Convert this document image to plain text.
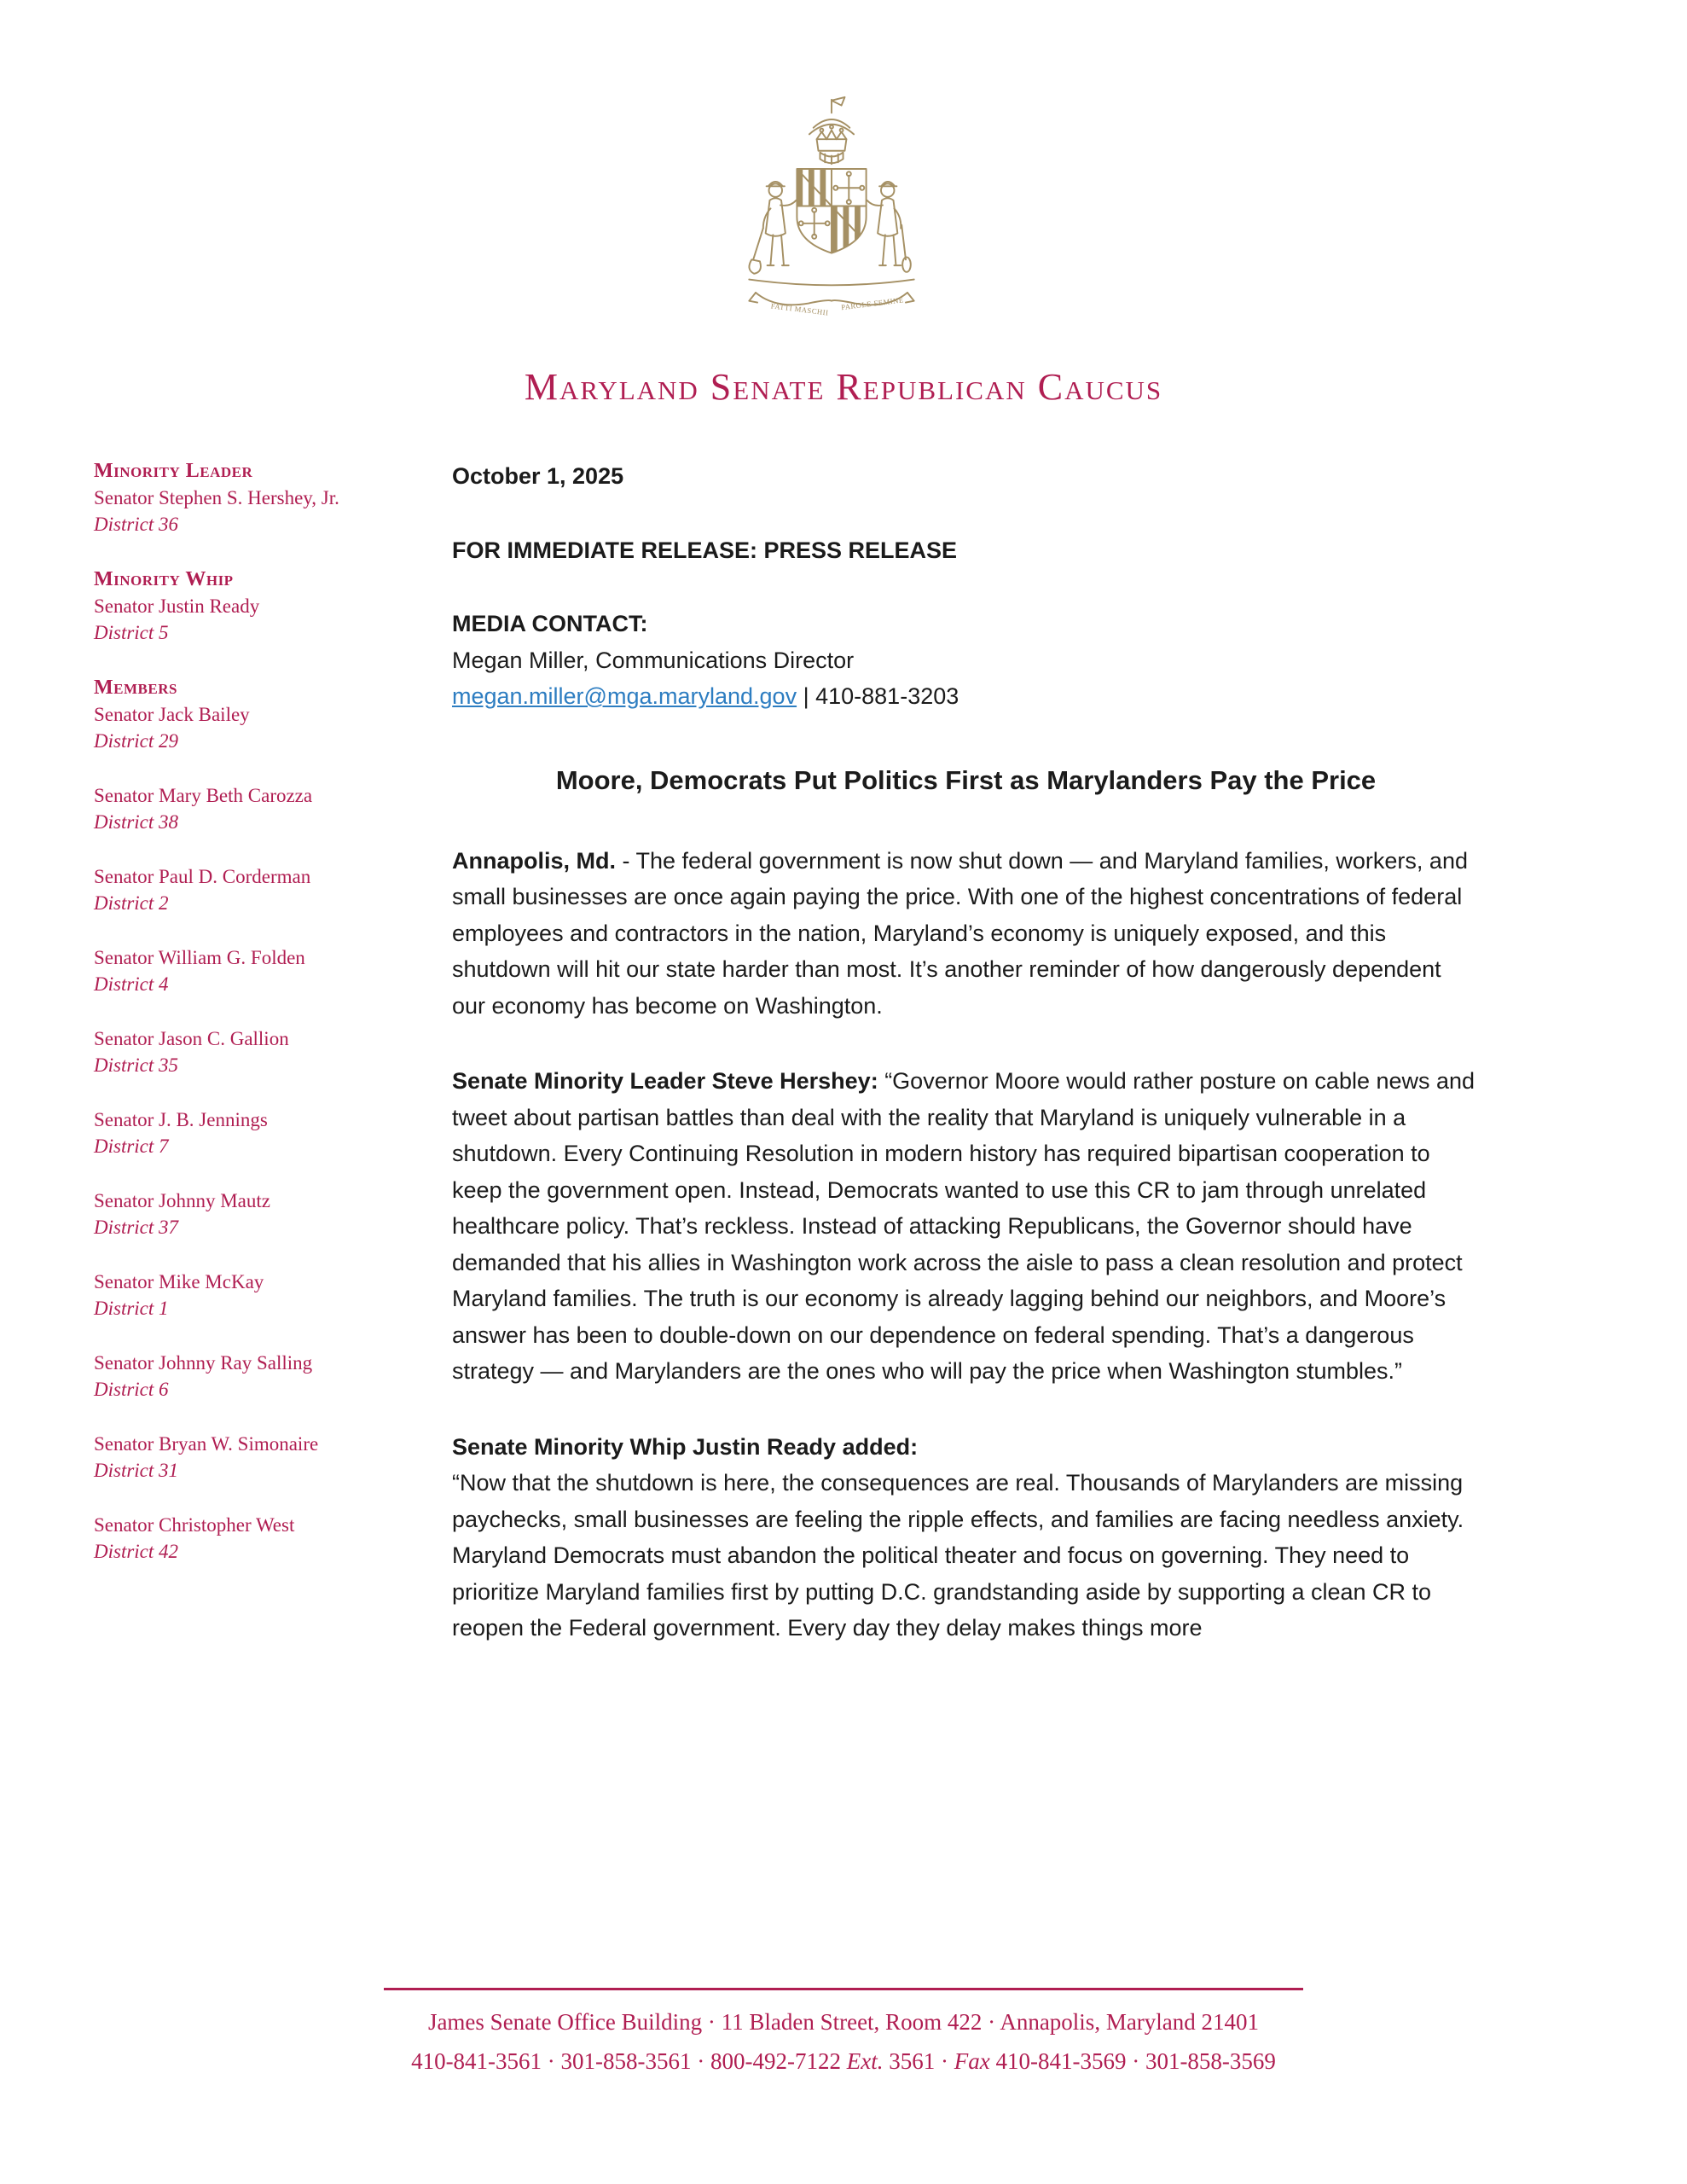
FATTI MASCHII PAROLE FEMINE
Maryland Senate Republican Caucus
Minority Leader
Senator Stephen S. Hershey, Jr.
District 36
Minority Whip
Senator Justin Ready
District 5
Members
Senator Jack Bailey
District 29
Senator Mary Beth Carozza
District 38
Senator Paul D. Corderman
District 2
Senator William G. Folden
District 4
Senator Jason C. Gallion
District 35
Senator J. B. Jennings
District 7
Senator Johnny Mautz
District 37
Senator Mike McKay
District 1
Senator Johnny Ray Salling
District 6
Senator Bryan W. Simonaire
District 31
Senator Christopher West
District 42

October 1, 2025

FOR IMMEDIATE RELEASE: PRESS RELEASE

MEDIA CONTACT:

Megan Miller, Communications Director

megan.miller@mga.maryland.gov | 410-881-3203

Moore, Democrats Put Politics First as Marylanders Pay the Price

Annapolis, Md. - The federal government is now shut down — and Maryland families, workers, and small businesses are once again paying the price. With one of the highest concentrations of federal employees and contractors in the nation, Maryland’s economy is uniquely exposed, and this shutdown will hit our state harder than most. It’s another reminder of how dangerously dependent our economy has become on Washington.

Senate Minority Leader Steve Hershey: “Governor Moore would rather posture on cable news and tweet about partisan battles than deal with the reality that Maryland is uniquely vulnerable in a shutdown. Every Continuing Resolution in modern history has required bipartisan cooperation to keep the government open. Instead, Democrats wanted to use this CR to jam through unrelated healthcare policy. That’s reckless. Instead of attacking Republicans, the Governor should have demanded that his allies in Washington work across the aisle to pass a clean resolution and protect Maryland families. The truth is our economy is already lagging behind our neighbors, and Moore’s answer has been to double-down on our dependence on federal spending. That’s a dangerous strategy — and Marylanders are the ones who will pay the price when Washington stumbles.”

Senate Minority Whip Justin Ready added:
“Now that the shutdown is here, the consequences are real. Thousands of Marylanders are missing paychecks, small businesses are feeling the ripple effects, and families are facing needless anxiety. Maryland Democrats must abandon the political theater and focus on governing. They need to prioritize Maryland families first by putting D.C. grandstanding aside by supporting a clean CR to reopen the Federal government. Every day they delay makes things more

James Senate Office Building · 11 Bladen Street, Room 422 · Annapolis, Maryland 21401

410-841-3561 · 301-858-3561 · 800-492-7122 Ext. 3561 · Fax 410-841-3569 · 301-858-3569
